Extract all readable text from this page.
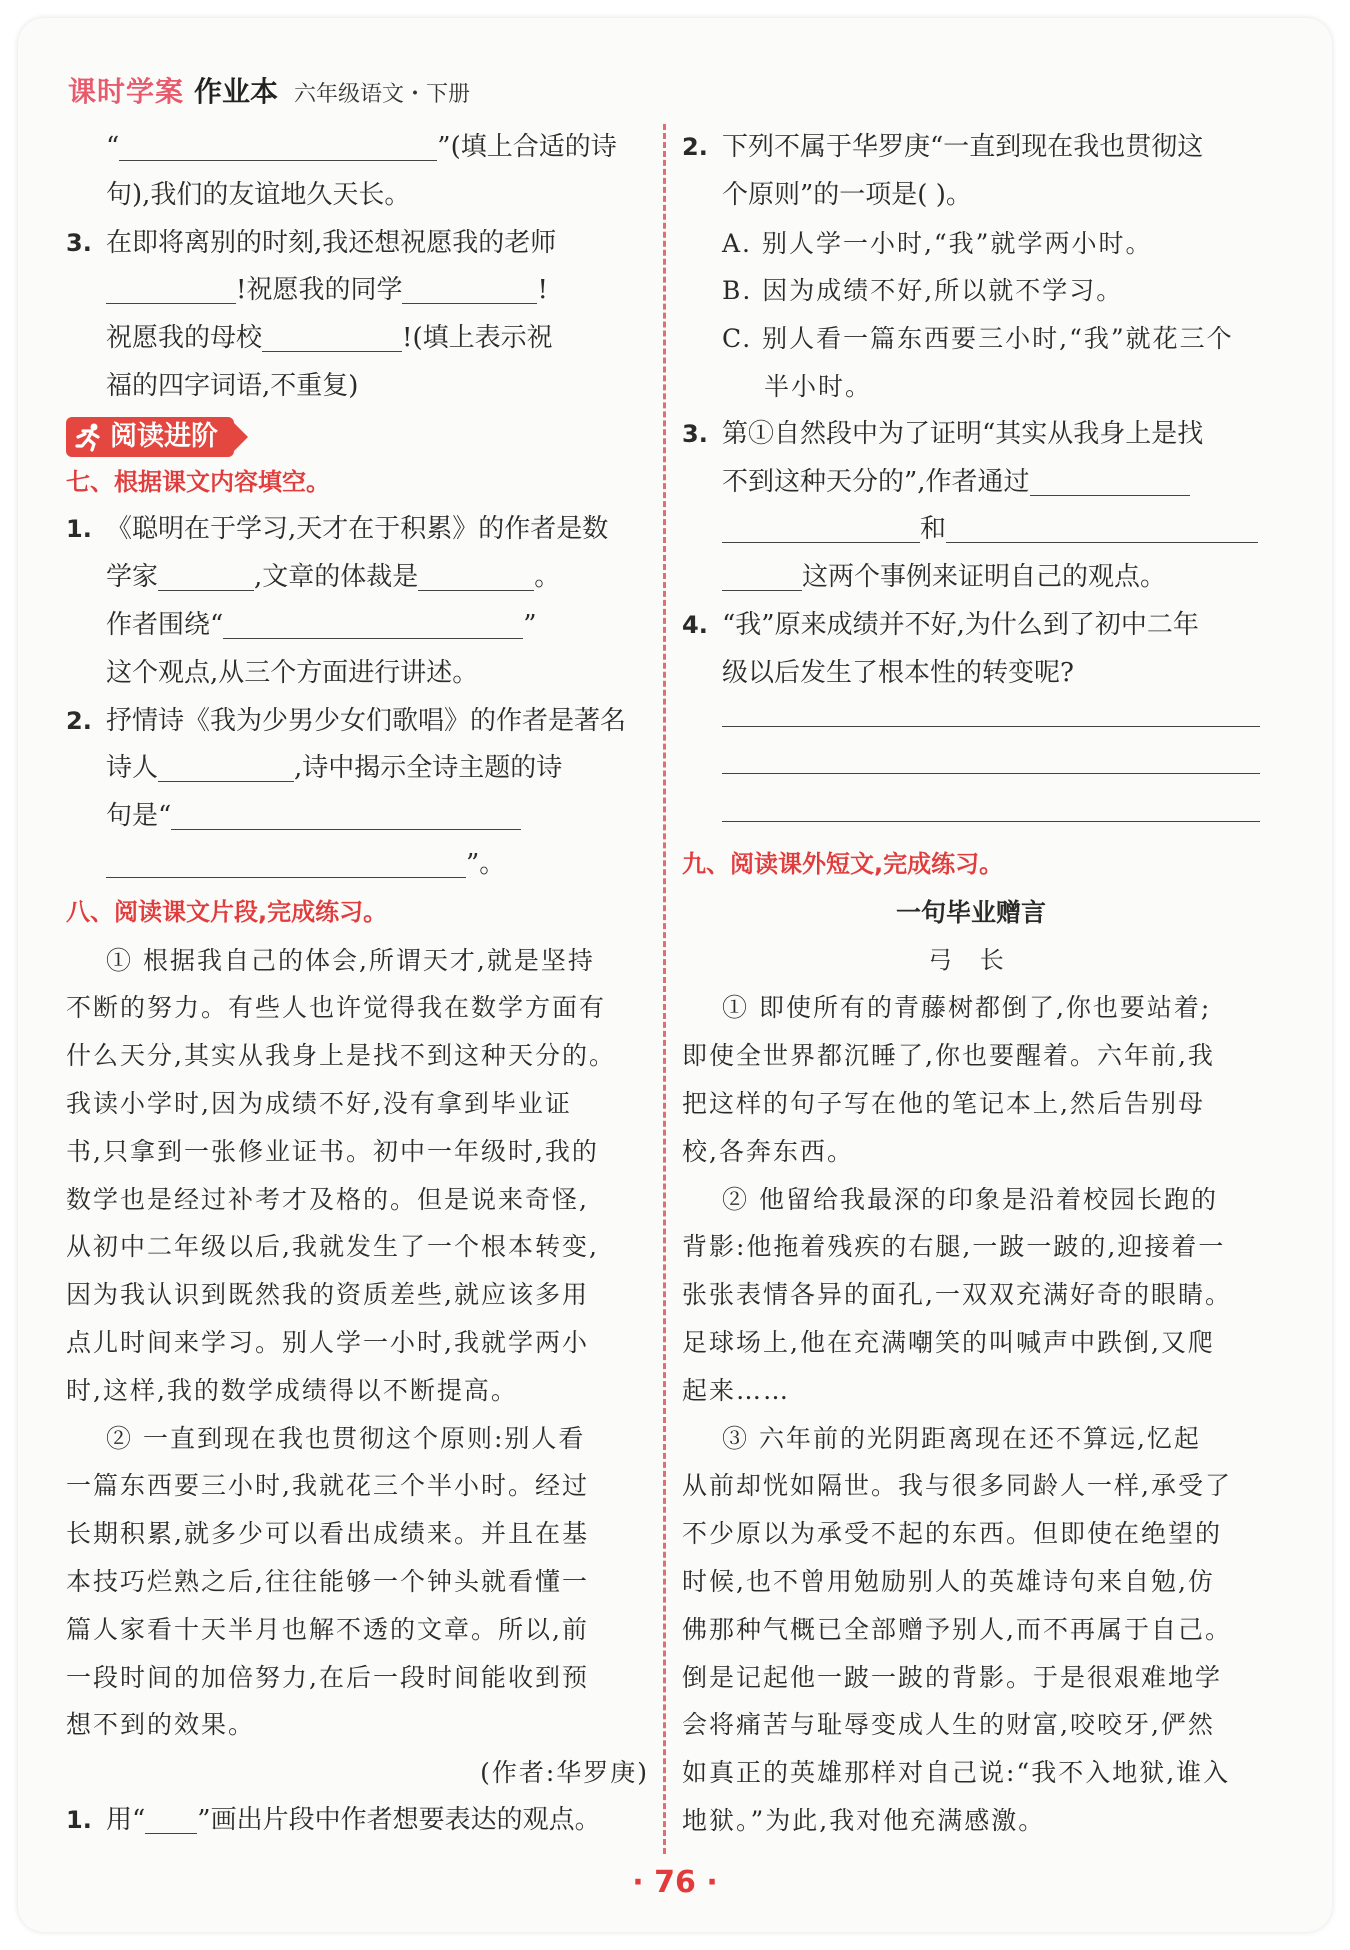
课时学案 作业本 六年级语文・下册
“	”(填上合适的诗
句),我们的友谊地久天长。
3. 在即将离别的时刻,我还想祝愿我的老师
!祝愿我的同学	!
祝愿我的母校	!(填上表示祝
福的四字词语,不重复)
阅读进阶
七、根据课文内容填空。
1. 《聪明在于学习,天才在于积累》的作者是数
学家	,文章的体裁是	。
作者围绕“	”
这个观点,从三个方面进行讲述。
2. 抒情诗《我为少男少女们歌唱》的作者是著名
诗人	,诗中揭示全诗主题的诗
句是“
”。
八、阅读课文片段,完成练习。
① 根据我自己的体会,所谓天才,就是坚持
不断的努力。有些人也许觉得我在数学方面有
什么天分,其实从我身上是找不到这种天分的。
我读小学时,因为成绩不好,没有拿到毕业证
书,只拿到一张修业证书。初中一年级时,我的
数学也是经过补考才及格的。但是说来奇怪,
从初中二年级以后,我就发生了一个根本转变,
因为我认识到既然我的资质差些,就应该多用
点儿时间来学习。别人学一小时,我就学两小
时,这样,我的数学成绩得以不断提高。
② 一直到现在我也贯彻这个原则:别人看
一篇东西要三小时,我就花三个半小时。经过
长期积累,就多少可以看出成绩来。并且在基
本技巧烂熟之后,往往能够一个钟头就看懂一
篇人家看十天半月也解不透的文章。所以,前
一段时间的加倍努力,在后一段时间能收到预
想不到的效果。
(作者:华罗庚)
1. 用“ ”画出片段中作者想要表达的观点。
2. 下列不属于华罗庚“一直到现在我也贯彻这
个原则”的一项是( )。
A. 别人学一小时,“我”就学两小时。
B. 因为成绩不好,所以就不学习。
C. 别人看一篇东西要三小时,“我”就花三个
半小时。
3. 第①自然段中为了证明“其实从我身上是找
不到这种天分的”,作者通过
和
这两个事例来证明自己的观点。
4. “我”原来成绩并不好,为什么到了初中二年
级以后发生了根本性的转变呢?
九、阅读课外短文,完成练习。
一句毕业赠言
弓 长
① 即使所有的青藤树都倒了,你也要站着;
即使全世界都沉睡了,你也要醒着。六年前,我
把这样的句子写在他的笔记本上,然后告别母
校,各奔东西。
② 他留给我最深的印象是沿着校园长跑的
背影:他拖着残疾的右腿,一跛一跛的,迎接着一
张张表情各异的面孔,一双双充满好奇的眼睛。
足球场上,他在充满嘲笑的叫喊声中跌倒,又爬
起来……
③ 六年前的光阴距离现在还不算远,忆起
从前却恍如隔世。我与很多同龄人一样,承受了
不少原以为承受不起的东西。但即使在绝望的
时候,也不曾用勉励别人的英雄诗句来自勉,仿
佛那种气概已全部赠予别人,而不再属于自己。
倒是记起他一跛一跛的背影。于是很艰难地学
会将痛苦与耻辱变成人生的财富,咬咬牙,俨然
如真正的英雄那样对自己说:“我不入地狱,谁入
地狱。”为此,我对他充满感激。
· 76 ·
